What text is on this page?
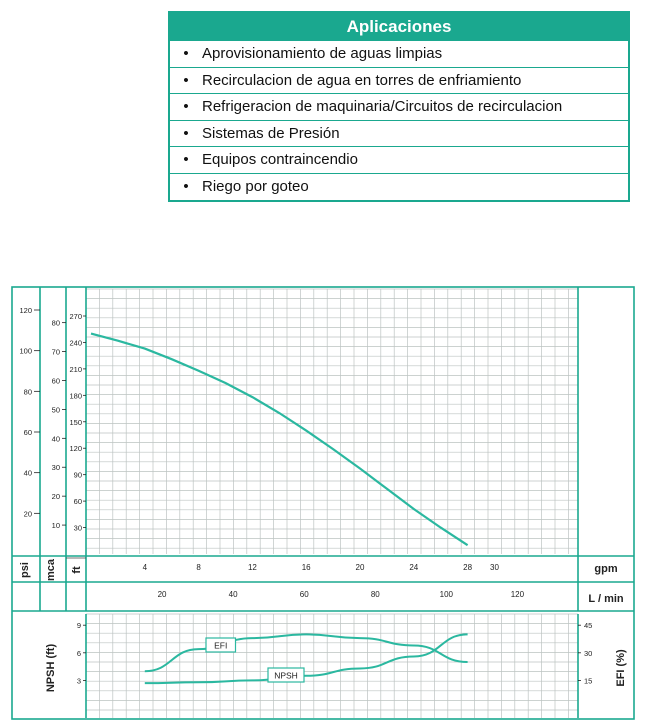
Aplicaciones
• Aprovisionamiento de aguas limpias
• Recirculacion de agua en torres de enfriamiento
• Refrigeracion de maquinaria/Circuitos de recirculacion
• Sistemas de Presión
• Equipos contraincendio
• Riego por goteo
270
240
210
180
150
120
90
60
30
80
70
60
50
40
30
20
10
120
100
80
60
40
20
psi mca ft	4	8	12	16	20	24	28 30
20	40	60	80	100	120
gpm
L / min
9
6
3
45
30
15
NPSH (ft)	EFI (%)
EFI
NPSH
